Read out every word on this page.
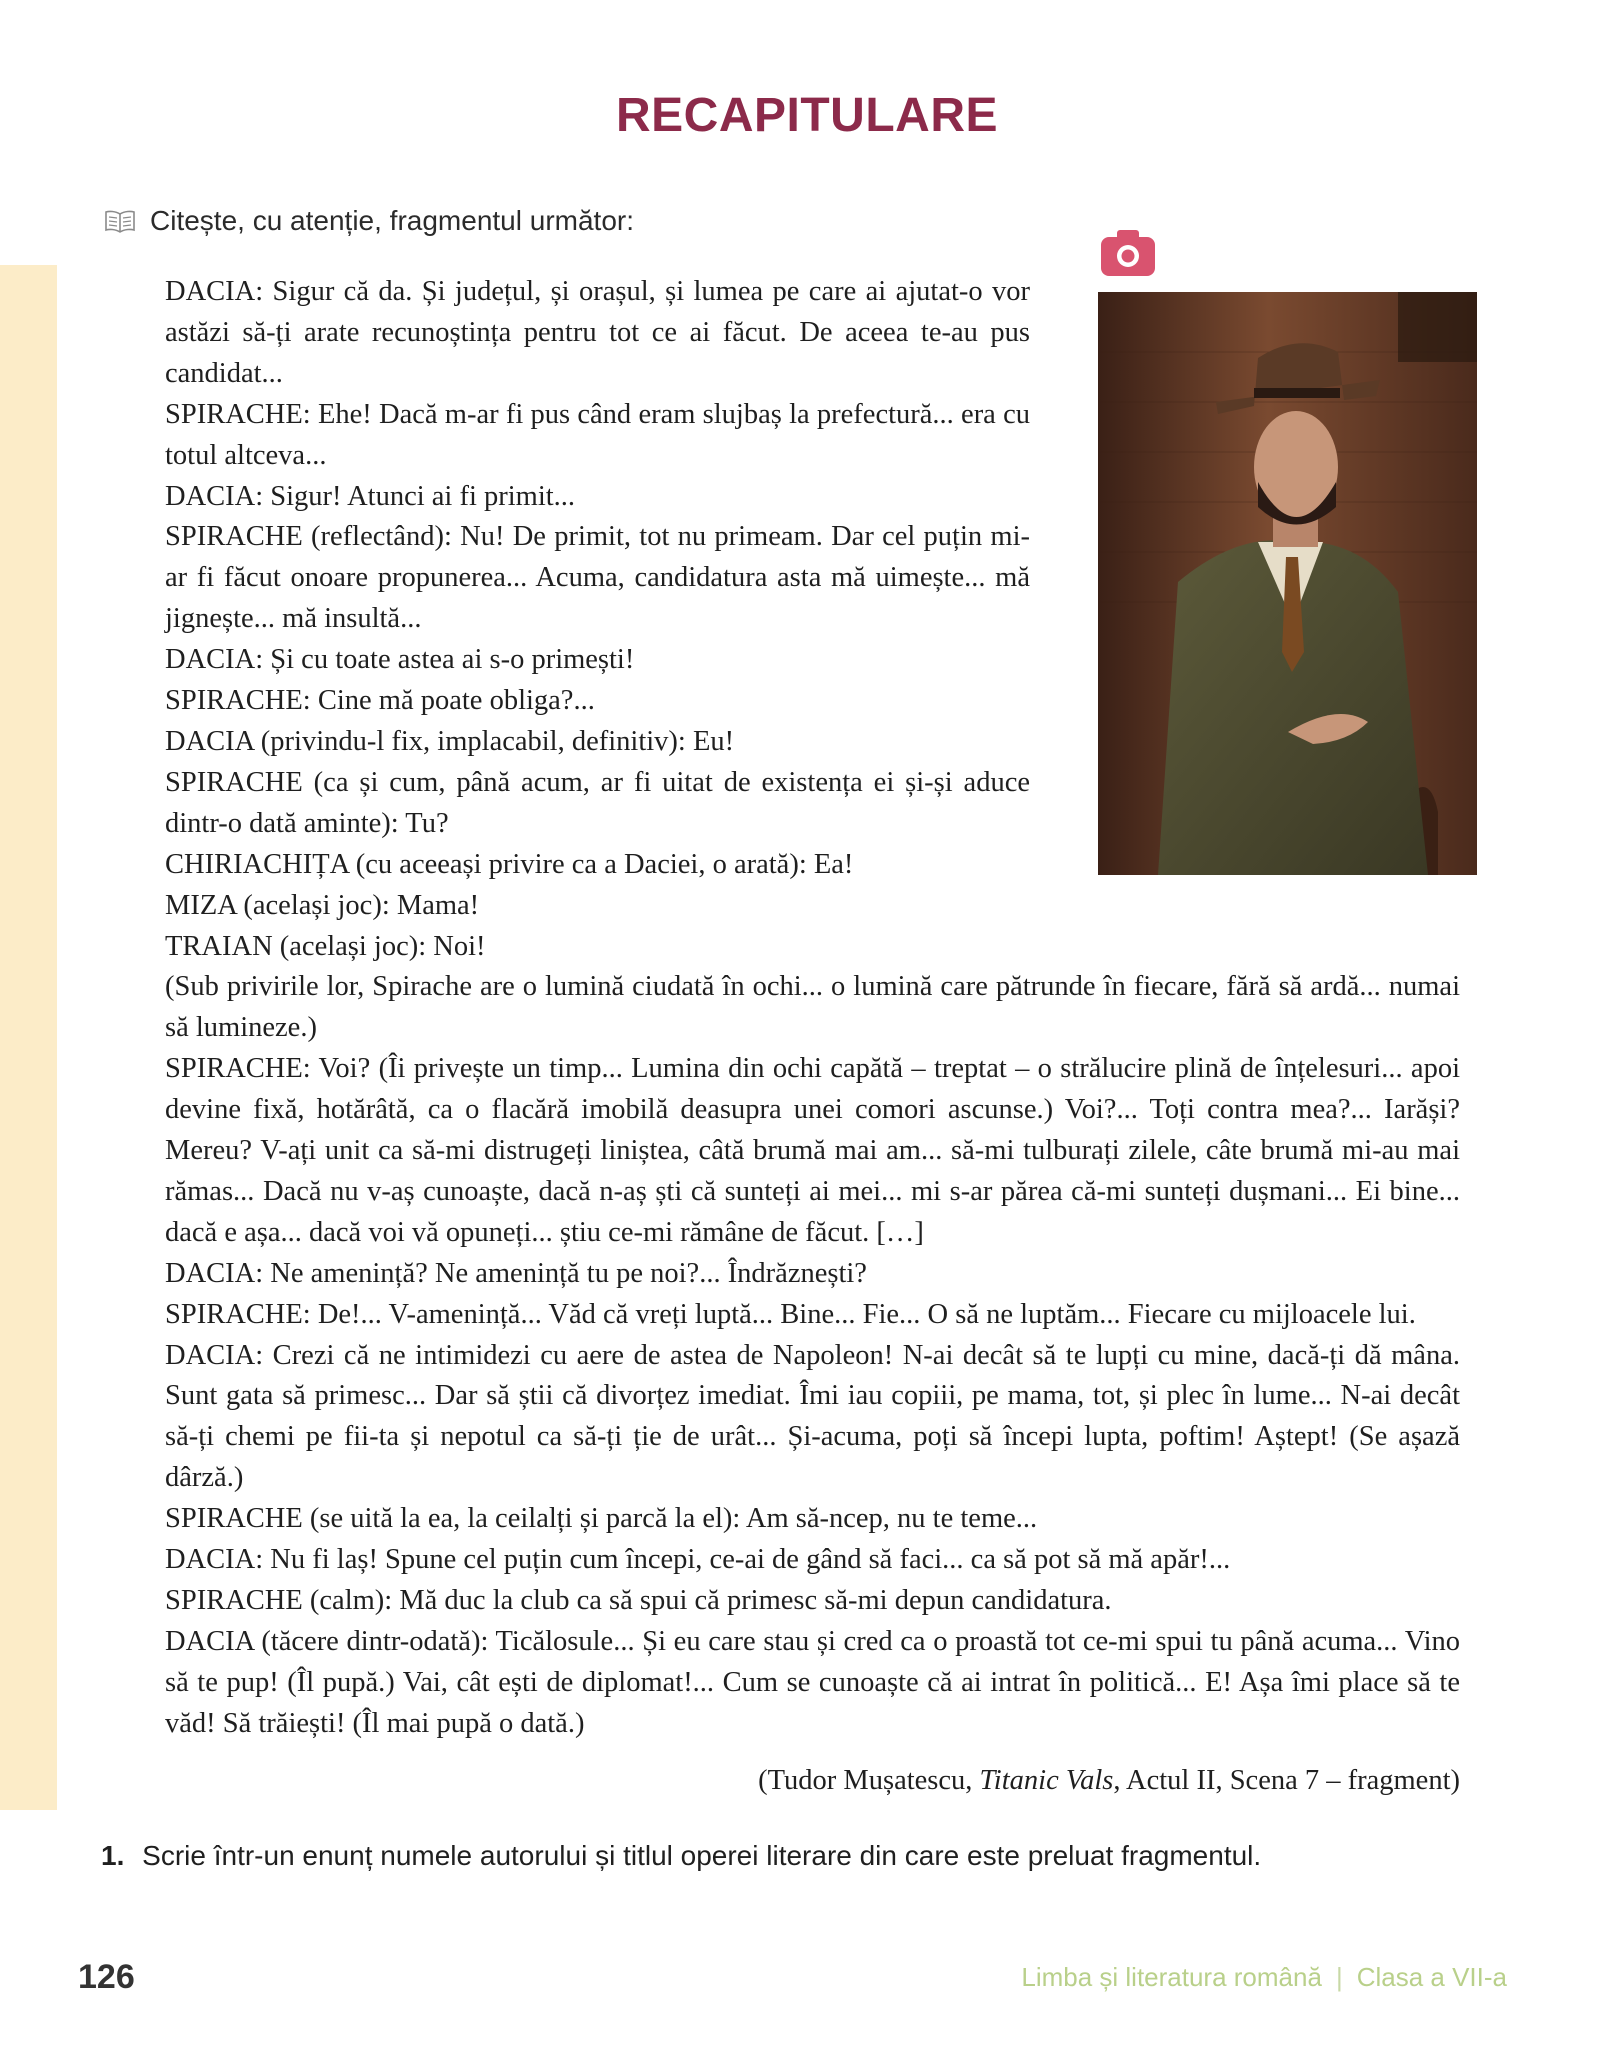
RECAPITULARE
Citește, cu atenție, fragmentul următor:

DACIA: Sigur că da. Și județul, și orașul, și lumea pe care ai ajutat-o vor astăzi să-ți arate recunoștința pentru tot ce ai făcut. De aceea te-au pus candidat...

SPIRACHE: Ehe! Dacă m-ar fi pus când eram slujbaș la prefectură... era cu totul altceva...

DACIA: Sigur! Atunci ai fi primit...

SPIRACHE (reflectând): Nu! De primit, tot nu primeam. Dar cel puțin mi-ar fi făcut onoare propunerea... Acuma, candidatura asta mă uimește... mă jignește... mă insultă...

DACIA: Și cu toate astea ai s-o primești!

SPIRACHE: Cine mă poate obliga?...

DACIA (privindu-l fix, implacabil, definitiv): Eu!

SPIRACHE (ca și cum, până acum, ar fi uitat de existența ei și-și aduce dintr-o dată aminte): Tu?

CHIRIACHIȚA (cu aceeași privire ca a Daciei, o arată): Ea!

MIZA (același joc): Mama!

TRAIAN (același joc): Noi!

(Sub privirile lor, Spirache are o lumină ciudată în ochi... o lumină care pătrunde în fiecare, fără să ardă... numai să lumineze.)

SPIRACHE: Voi? (Îi privește un timp... Lumina din ochi capătă – treptat – o strălucire plină de înțelesuri... apoi devine fixă, hotărâtă, ca o flacără imobilă deasupra unei comori ascunse.) Voi?... Toți contra mea?... Iarăși? Mereu? V-ați unit ca să-mi distrugeți liniștea, câtă brumă mai am... să-mi tulburați zilele, câte brumă mi-au mai rămas... Dacă nu v-aș cunoaște, dacă n-aș ști că sunteți ai mei... mi s-ar părea că-mi sunteți dușmani... Ei bine... dacă e așa... dacă voi vă opuneți... știu ce-mi rămâne de făcut. […]

DACIA: Ne amenință? Ne amenință tu pe noi?... Îndrăznești?

SPIRACHE: De!... V-amenință... Văd că vreți luptă... Bine... Fie... O să ne luptăm... Fiecare cu mijloacele lui.

DACIA: Crezi că ne intimidezi cu aere de astea de Napoleon! N-ai decât să te lupți cu mine, dacă-ți dă mâna. Sunt gata să primesc... Dar să știi că divorțez imediat. Îmi iau copiii, pe mama, tot, și plec în lume... N-ai decât să-ți chemi pe fii-ta și nepotul ca să-ți ție de urât... Și-acuma, poți să începi lupta, poftim! Aștept! (Se așază dârză.)

SPIRACHE (se uită la ea, la ceilalți și parcă la el): Am să-ncep, nu te teme...

DACIA: Nu fi laș! Spune cel puțin cum începi, ce-ai de gând să faci... ca să pot să mă apăr!...

SPIRACHE (calm): Mă duc la club ca să spui că primesc să-mi depun candidatura.

DACIA (tăcere dintr-odată): Ticălosule... Și eu care stau și cred ca o proastă tot ce-mi spui tu până acuma... Vino să te pup! (Îl pupă.) Vai, cât ești de diplomat!... Cum se cunoaște că ai intrat în politică... E! Așa îmi place să te văd! Să trăiești! (Îl mai pupă o dată.)

(Tudor Mușatescu, Titanic Vals, Actul II, Scena 7 – fragment)

1. Scrie într-un enunț numele autorului și titlul operei literare din care este preluat fragmentul.
126	Limba și literatura română | Clasa a VII-a
